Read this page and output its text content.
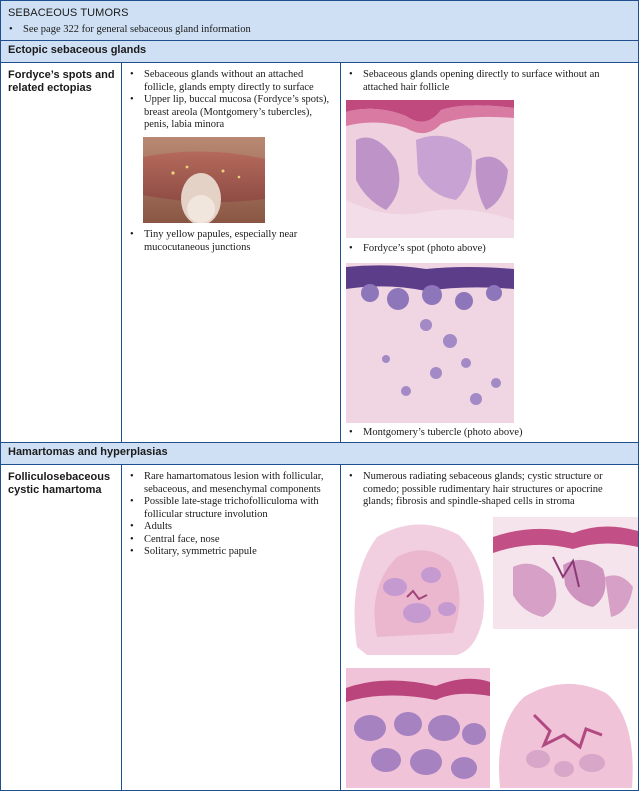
SEBACEOUS TUMORS
• See page 322 for general sebaceous gland information
Ectopic sebaceous glands
Fordyce’s spots and related ectopias
• Sebaceous glands without an attached follicle, glands empty directly to surface
• Upper lip, buccal mucosa (Fordyce’s spots), breast areola (Montgomery’s tubercles), penis, labia minora
• Tiny yellow papules, especially near mucocutaneous junctions
• Sebaceous glands opening directly to surface without an attached hair follicle
• Fordyce’s spot (photo above)
• Montgomery’s tubercle (photo above)
Hamartomas and hyperplasias
Folliculosebaceous cystic hamartoma
• Rare hamartomatous lesion with follicular, sebaceous, and mesenchymal components
• Possible late-stage trichofolliculoma with follicular structure involution
• Adults
• Central face, nose
• Solitary, symmetric papule
• Numerous radiating sebaceous glands; cystic structure or comedo; possible rudimentary hair structures or apocrine glands; fibrosis and spindle-shaped cells in stroma
